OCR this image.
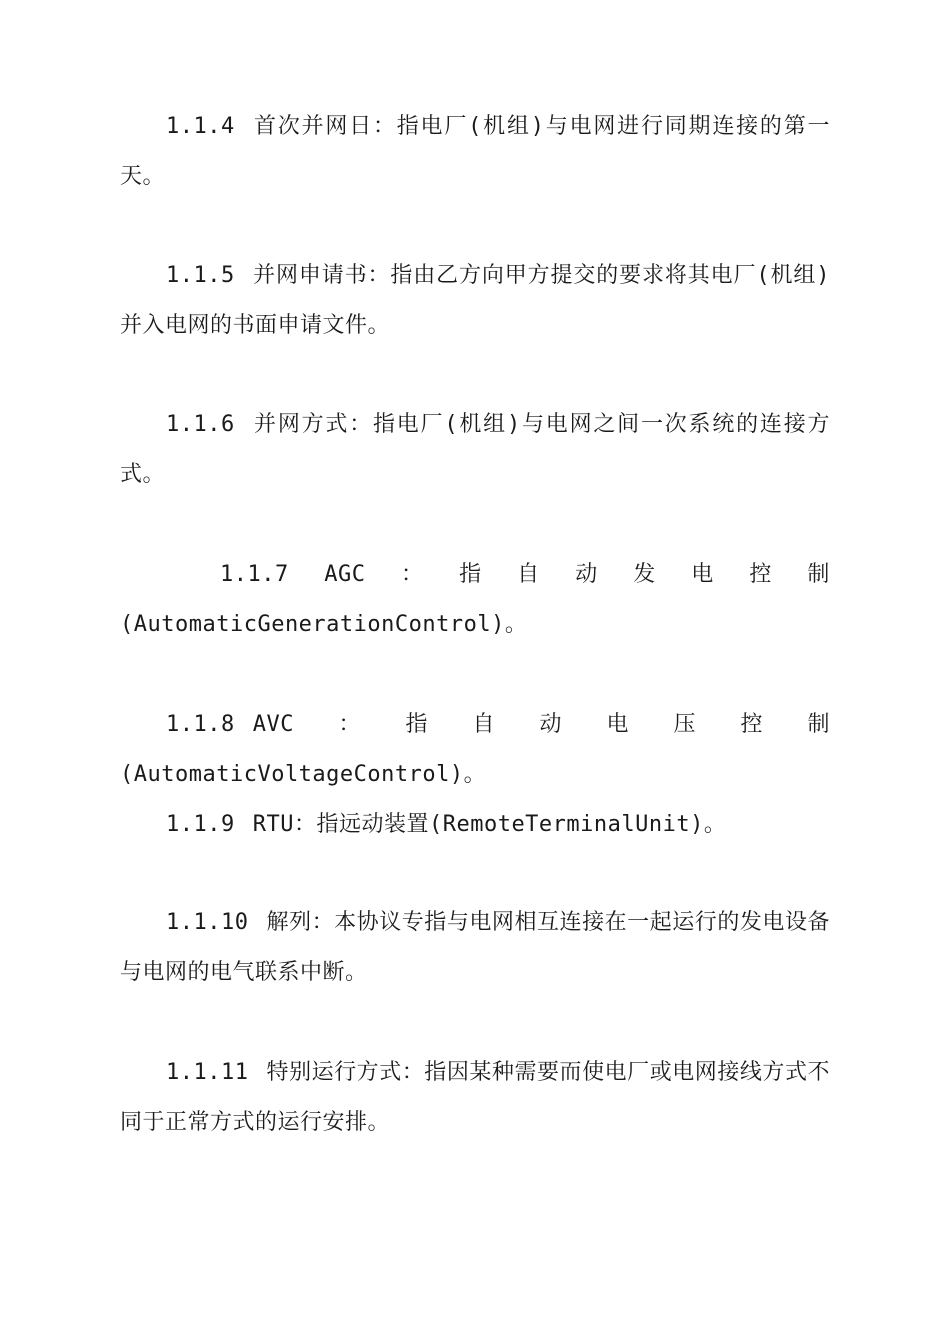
1.1.4 首次并网日：指电厂(机组)与电网进行同期连接的第一天。

1.1.5 并网申请书：指由乙方向甲方提交的要求将其电厂(机组)并入电网的书面申请文件。

1.1.6 并网方式：指电厂(机组)与电网之间一次系统的连接方式。

1.1.7 AGC ： 指 自 动 发 电 控 制
(AutomaticGenerationControl)。

1.1.8 AVC：指自动电压控制(AutomaticVoltageControl)。

1.1.9 RTU：指远动装置(RemoteTerminalUnit)。

1.1.10 解列：本协议专指与电网相互连接在一起运行的发电设备与电网的电气联系中断。

1.1.11 特别运行方式：指因某种需要而使电厂或电网接线方式不同于正常方式的运行安排。
